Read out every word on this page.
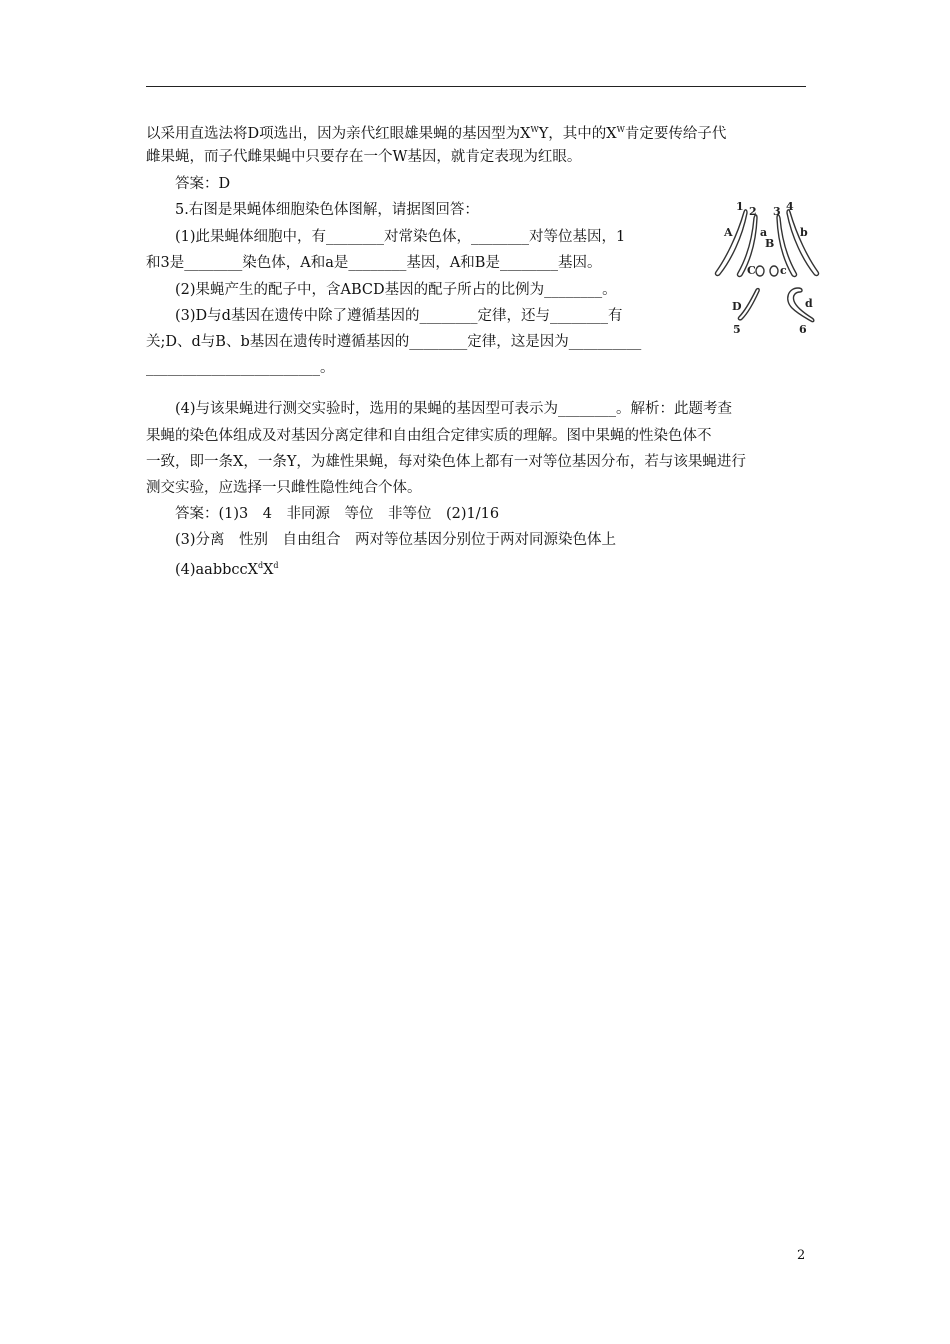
以采用直选法将D项选出，因为亲代红眼雄果蝇的基因型为$X^WY$，其中的$X^W$肯定要传给子代
雌果蝇，而子代雌果蝇中只要存在一个W基因，就肯定表现为红眼。
答案：D
5.右图是果蝇体细胞染色体图解，请据图回答：
(1)此果蝇体细胞中，有________对常染色体，________对等位基因，1
和3是________染色体，A和a是________基因，A和B是________基因。
(2)果蝇产生的配子中，含ABCD基因的配子所占的比例为________。
(3)D与d基因在遗传中除了遵循基因的________定律，还与________有
关;D、d与B、b基因在遗传时遵循基因的________定律，这是因为__________
________________________。
(4)与该果蝇进行测交实验时，选用的果蝇的基因型可表示为________。解析：此题考查
果蝇的染色体组成及对基因分离定律和自由组合定律实质的理解。图中果蝇的性染色体不
一致，即一条X，一条Y，为雄性果蝇，每对染色体上都有一对等位基因分布，若与该果蝇进行
测交实验，应选择一只雌性隐性纯合个体。
答案：(1)3　4　非同源　等位　非等位　(2)1/16
(3)分离　性别　自由组合　两对等位基因分别位于两对同源染色体上
$(4)aabbccX^dX^d$
1 2 3 4
A a
B
b
C c
D	d
5	6
2
